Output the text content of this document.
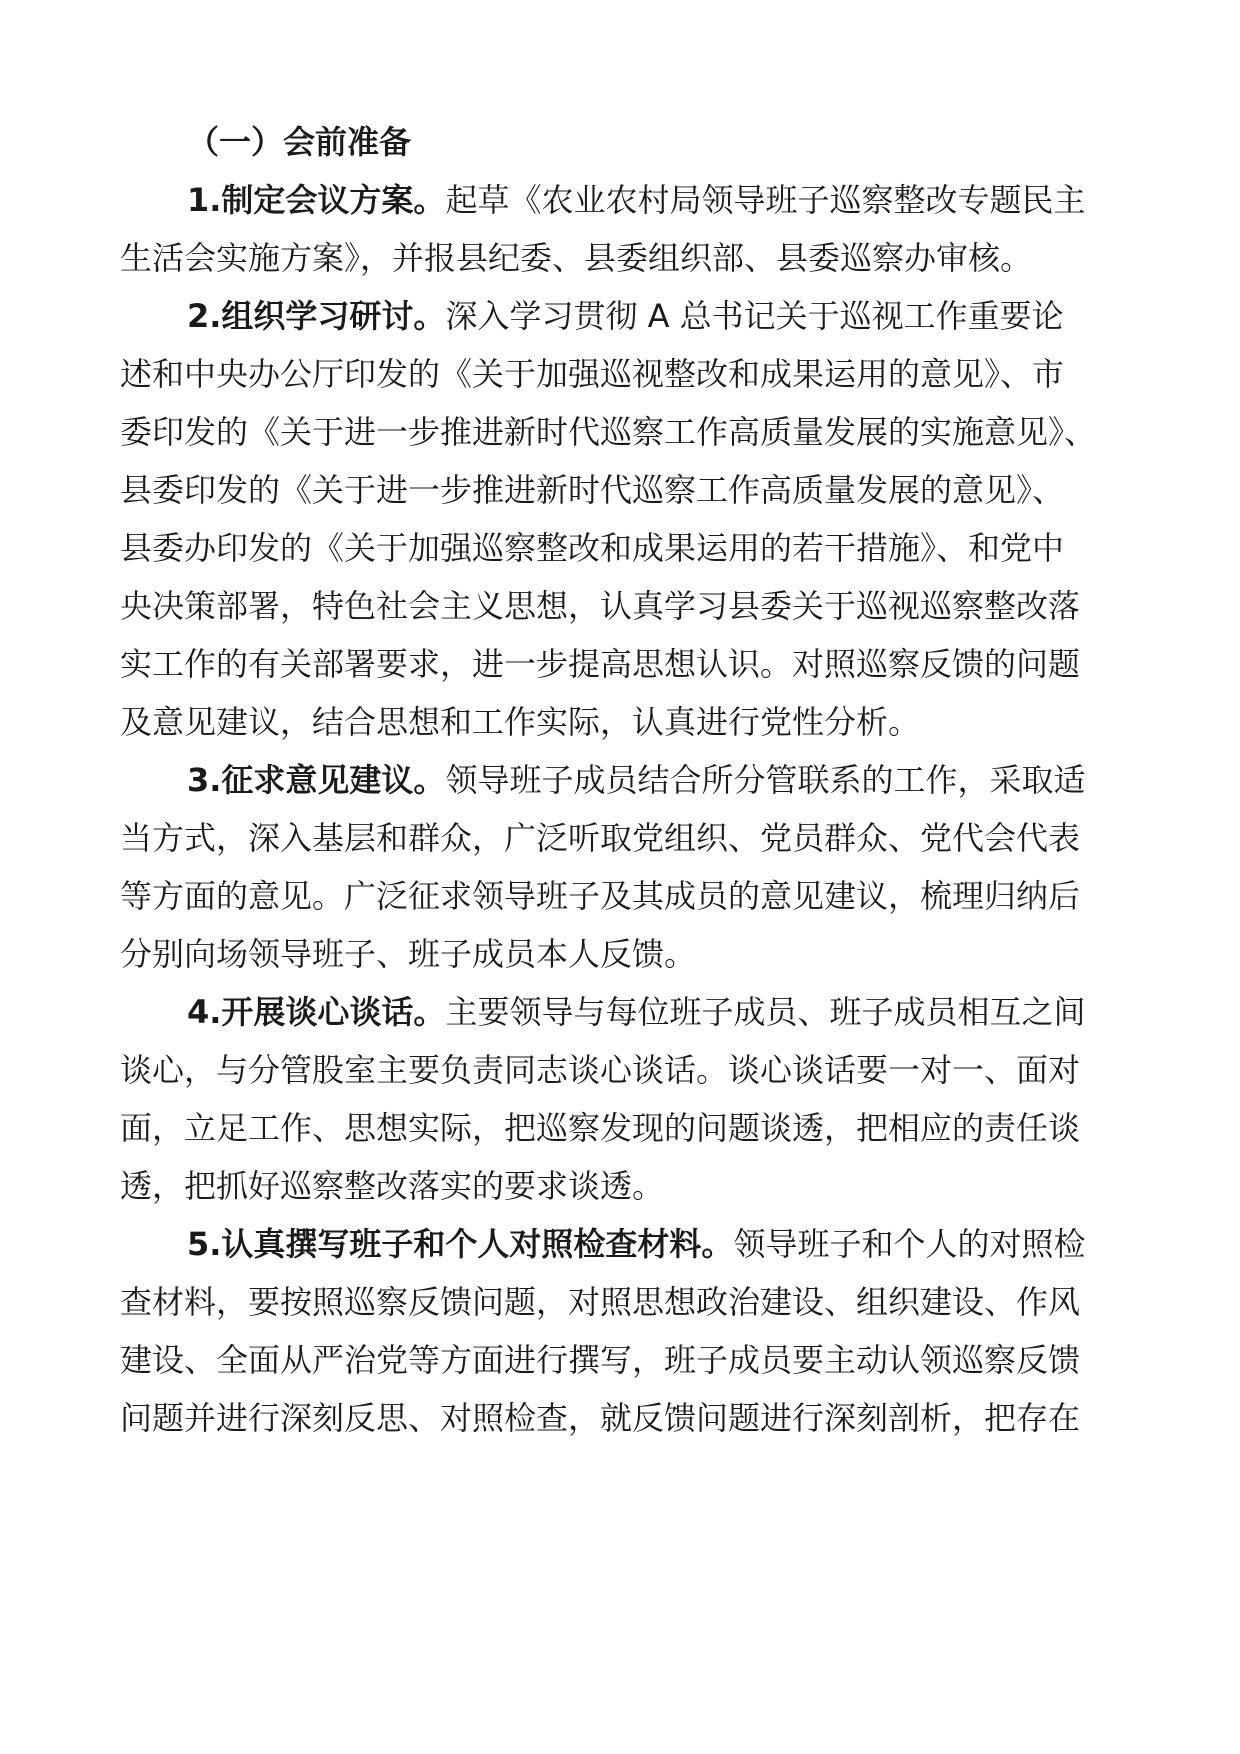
（一）会前准备
1.制定会议方案。起草《农业农村局领导班子巡察整改专题民主
生活会实施方案》，并报县纪委、县委组织部、县委巡察办审核。
2.组织学习研讨。深入学习贯彻 A 总书记关于巡视工作重要论
述和中央办公厅印发的《关于加强巡视整改和成果运用的意见》、市
委印发的《关于进一步推进新时代巡察工作高质量发展的实施意见》、
县委印发的《关于进一步推进新时代巡察工作高质量发展的意见》、
县委办印发的《关于加强巡察整改和成果运用的若干措施》、和党中
央决策部署，特色社会主义思想，认真学习县委关于巡视巡察整改落
实工作的有关部署要求，进一步提高思想认识。对照巡察反馈的问题
及意见建议，结合思想和工作实际，认真进行党性分析。
3.征求意见建议。领导班子成员结合所分管联系的工作，采取适
当方式，深入基层和群众，广泛听取党组织、党员群众、党代会代表
等方面的意见。广泛征求领导班子及其成员的意见建议，梳理归纳后
分别向场领导班子、班子成员本人反馈。
4.开展谈心谈话。主要领导与每位班子成员、班子成员相互之间
谈心，与分管股室主要负责同志谈心谈话。谈心谈话要一对一、面对
面，立足工作、思想实际，把巡察发现的问题谈透，把相应的责任谈
透，把抓好巡察整改落实的要求谈透。
5.认真撰写班子和个人对照检查材料。领导班子和个人的对照检
查材料，要按照巡察反馈问题，对照思想政治建设、组织建设、作风
建设、全面从严治党等方面进行撰写，班子成员要主动认领巡察反馈
问题并进行深刻反思、对照检查，就反馈问题进行深刻剖析，把存在
